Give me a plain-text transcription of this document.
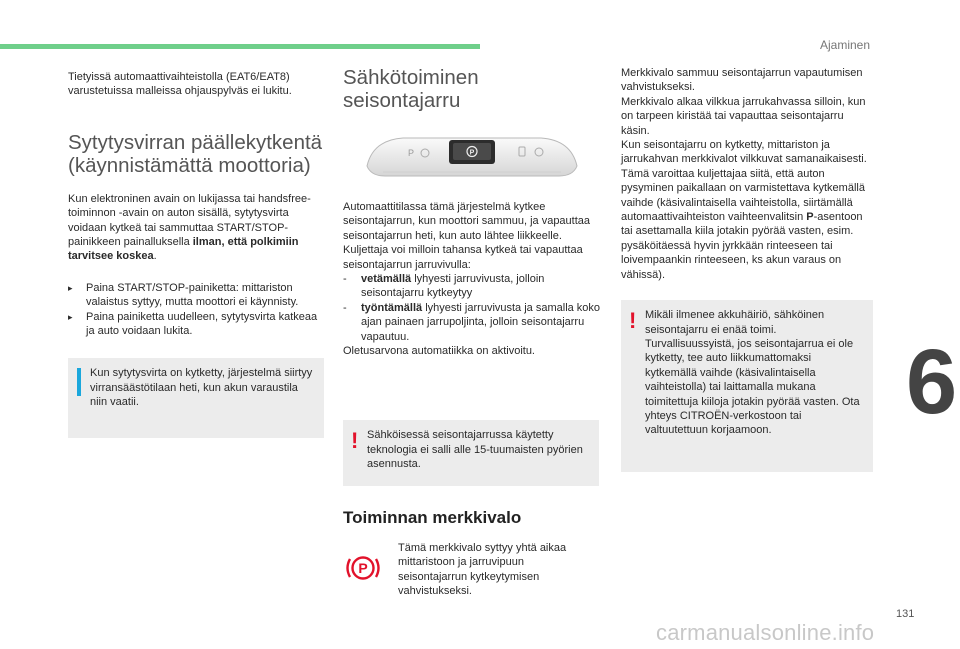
Ajaminen

Tietyissä automaattivaihteistolla (EAT6/EAT8) varustetuissa malleissa ohjauspylväs ei lukitu.

Sytytysvirran päällekytkentä (käynnistämättä moottoria)

Kun elektroninen avain on lukijassa tai handsfree-toiminnon -avain on auton sisällä, sytytysvirta voidaan kytkeä tai sammuttaa START/STOP-painikkeen painalluksella ilman, että polkimiin tarvitsee koskea.

▸	Paina START/STOP-painiketta: mittariston valaistus syttyy, mutta moottori ei käynnisty.
▸	Paina painiketta uudelleen, sytytysvirta katkeaa ja auto voidaan lukita.

Kun sytytysvirta on kytketty, järjestelmä siirtyy virransäästötilaan heti, kun akun varaustila niin vaatii.

Sähkötoiminen seisontajarru
P
P

Automaattitilassa tämä järjestelmä kytkee seisontajarrun, kun moottori sammuu, ja vapauttaa seisontajarrun heti, kun auto lähtee liikkeelle.

Kuljettaja voi milloin tahansa kytkeä tai vapauttaa seisontajarrun jarruvivulla:

-	vetämällä lyhyesti jarruvivusta, jolloin seisontajarru kytkeytyy
-	työntämällä lyhyesti jarruvivusta ja samalla koko ajan painaen jarrupoljinta, jolloin seisontajarru vapautuu.

Oletusarvona automatiikka on aktivoitu.

! Sähköisessä seisontajarrussa käytetty teknologia ei salli alle 15-tuumaisten pyörien asennusta.

Toiminnan merkkivalo
P

Tämä merkkivalo syttyy yhtä aikaa mittaristoon ja jarruvipuun seisontajarrun kytkeytymisen vahvistukseksi.

Merkkivalo sammuu seisontajarrun vapautumisen vahvistukseksi.

Merkkivalo alkaa vilkkua jarrukahvassa silloin, kun on tarpeen kiristää tai vapauttaa seisontajarru käsin.

Kun seisontajarru on kytketty, mittariston ja jarrukahvan merkkivalot vilkkuvat samanaikaisesti. Tämä varoittaa kuljettajaa siitä, että auton pysyminen paikallaan on varmistettava kytkemällä vaihde (käsivalintaisella vaihteistolla, siirtämällä automaattivaihteiston vaihteenvalitsin P-asentoon tai asettamalla kiila jotakin pyörää vasten, esim. pysäköitäessä hyvin jyrkkään rinteeseen tai loivempaankin rinteeseen, ks akun varaus on vähissä).

! Mikäli ilmenee akkuhäiriö, sähköinen seisontajarru ei enää toimi. Turvallisuussyistä, jos seisontajarrua ei ole kytketty, tee auto liikkumattomaksi kytkemällä vaihde (käsivalintaisella vaihteistolla) tai laittamalla mukana toimitettuja kiiloja jotakin pyörää vasten. Ota yhteys CITROËN-verkostoon tai valtuutettuun korjaamoon.	6
131
carmanualsonline.info
